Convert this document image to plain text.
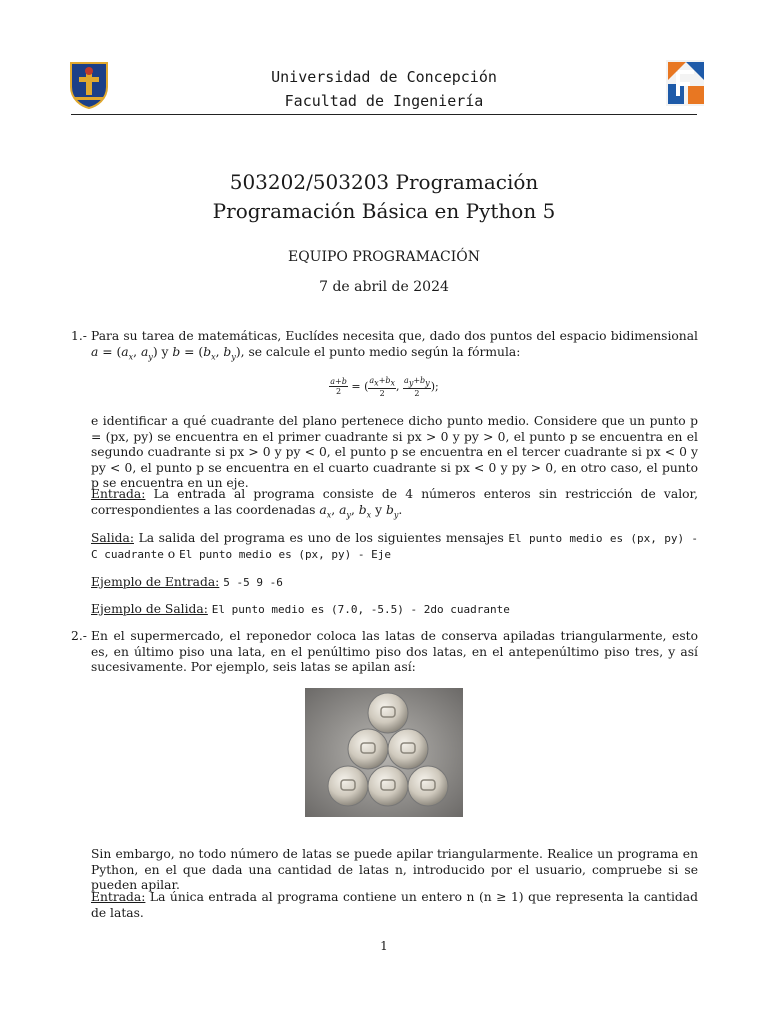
Universidad de Concepción
Facultad de Ingeniería
503202/503203 Programación
Programación Básica en Python 5
EQUIPO PROGRAMACIÓN
7 de abril de 2024
1.- Para su tarea de matemáticas, Euclídes necesita que, dado dos puntos del espacio bidimensional $a = (a_x$, $a_y$) y $b = (b_x$, $b_y$), se calcule el punto medio según la fórmula:
$\frac{a+b}{2}$ = ( $\frac{a_x+b_x}{2}$ , $\frac{a_y+b_y}{2}$ );
e identificar a qué cuadrante del plano pertenece dicho punto medio. Considere que un punto p = (px, py) se encuentra en el primer cuadrante si px > 0 y py > 0, el punto p se encuentra en el segundo cuadrante si px > 0 y py < 0, el punto p se encuentra en el tercer cuadrante si px < 0 y py < 0, el punto p se encuentra en el cuarto cuadrante si px < 0 y py > 0, en otro caso, el punto p se encuentra en un eje.
Entrada: La entrada al programa consiste de 4 números enteros sin restricción de valor, correspondientes a las coordenadas $a_x$, $a_y$, $b_x$ y $b_y$.
Salida: La salida del programa es uno de los siguientes mensajes El punto medio es (px, py) - C cuadrante o El punto medio es (px, py) - Eje
Ejemplo de Entrada: 5 -5 9 -6
Ejemplo de Salida: El punto medio es (7.0, -5.5) - 2do cuadrante
2.- En el supermercado, el reponedor coloca las latas de conserva apiladas triangularmente, esto es, en último piso una lata, en el penúltimo piso dos latas, en el antepenúltimo piso tres, y así sucesivamente. Por ejemplo, seis latas se apilan así:
Sin embargo, no todo número de latas se puede apilar triangularmente. Realice un programa en Python, en el que dada una cantidad de latas n, introducido por el usuario, compruebe si se pueden apilar.
Entrada: La única entrada al programa contiene un entero n (n ≥ 1) que representa la cantidad de latas.
1
